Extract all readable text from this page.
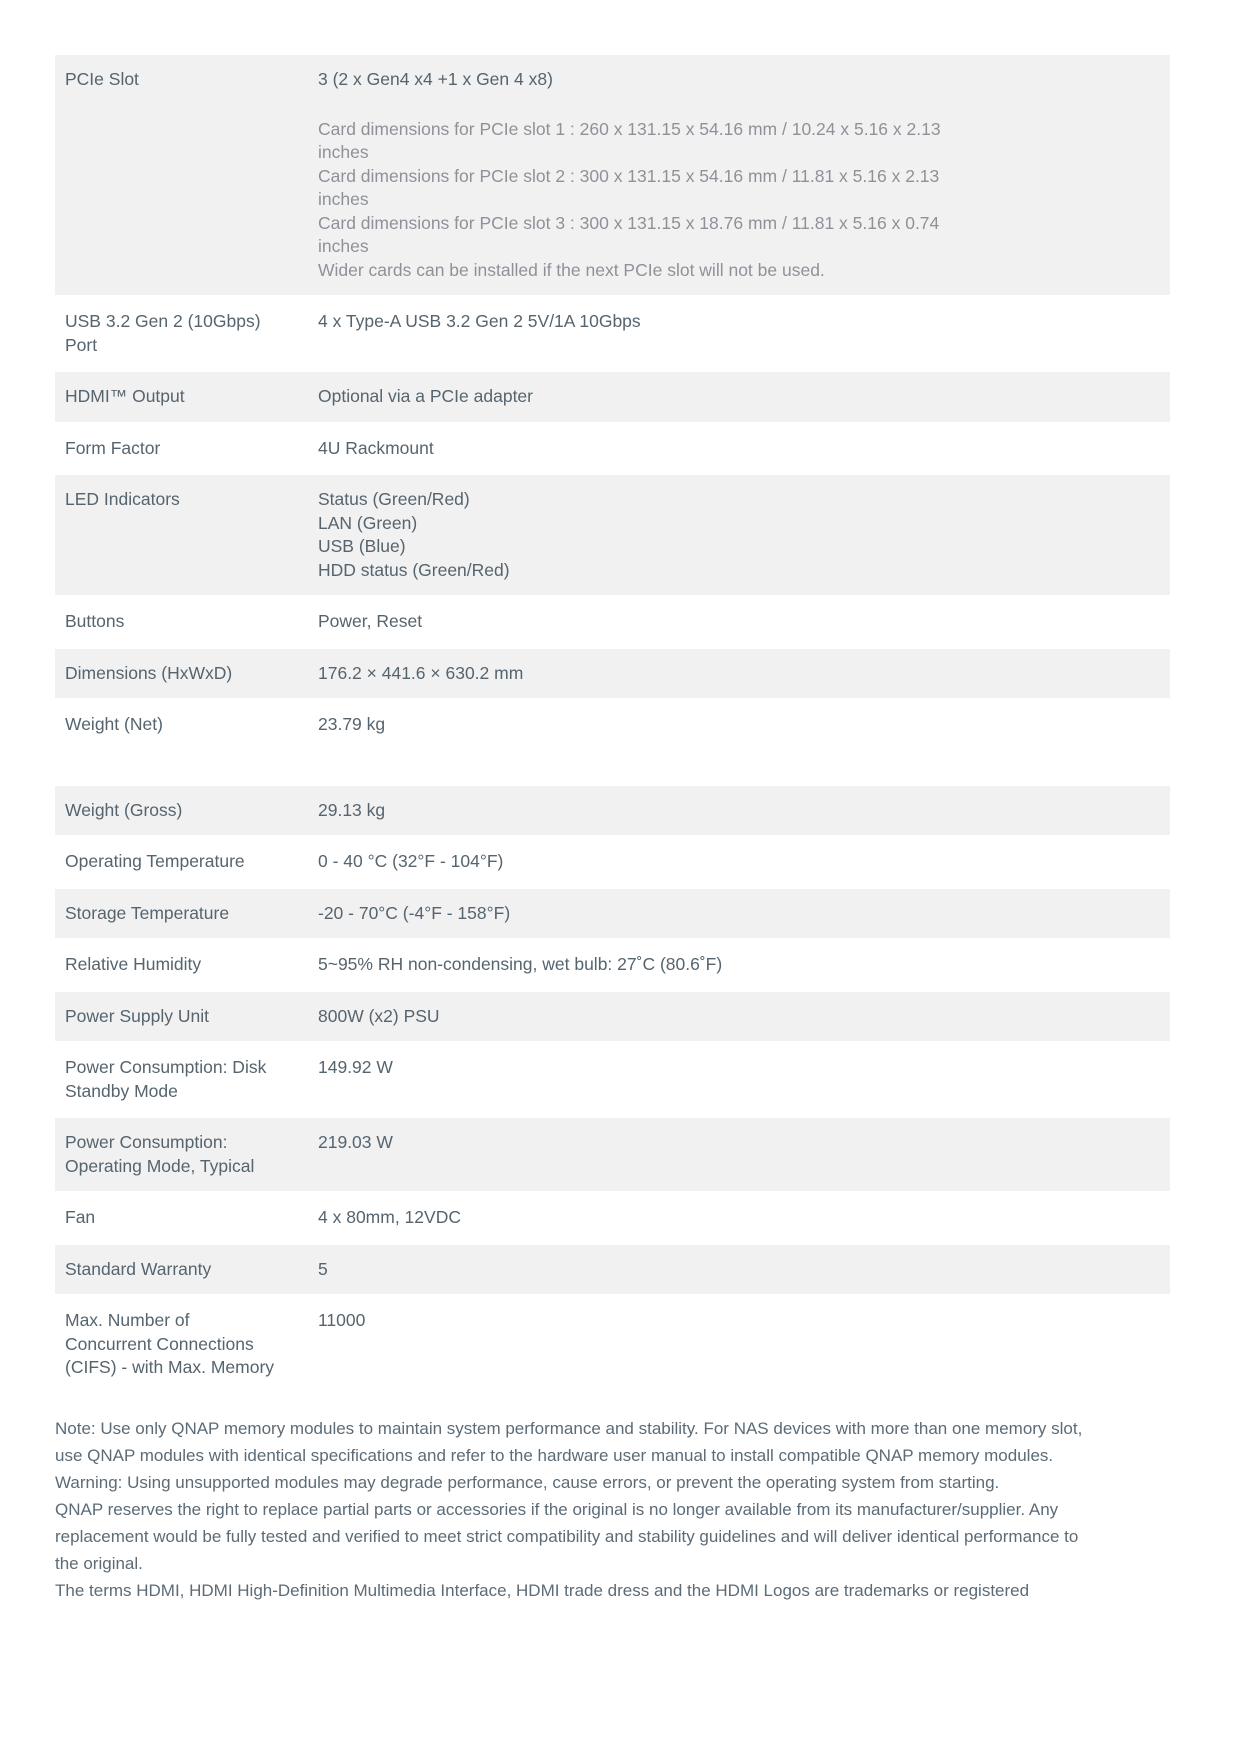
PCIe Slot	3 (2 x Gen4 x4 +1 x Gen 4 x8)
Card dimensions for PCIe slot 1 : 260 x 131.15 x 54.16 mm / 10.24 x 5.16 x 2.13
inches
Card dimensions for PCIe slot 2 : 300 x 131.15 x 54.16 mm / 11.81 x 5.16 x 2.13
inches
Card dimensions for PCIe slot 3 : 300 x 131.15 x 18.76 mm / 11.81 x 5.16 x 0.74
inches
Wider cards can be installed if the next PCIe slot will not be used.

USB 3.2 Gen 2 (10Gbps) Port	4 x Type-A USB 3.2 Gen 2 5V/1A 10Gbps

HDMI™ Output	Optional via a PCIe adapter

Form Factor	4U Rackmount

LED Indicators	Status (Green/Red)
LAN (Green)
USB (Blue)
HDD status (Green/Red)

Buttons	Power, Reset

Dimensions (HxWxD)	176.2 × 441.6 × 630.2 mm

Weight (Net)	23.79 kg

Weight (Gross)	29.13 kg

Operating Temperature	0 - 40 °C (32°F - 104°F)

Storage Temperature	-20 - 70°C (-4°F - 158°F)

Relative Humidity	5~95% RH non-condensing, wet bulb: 27˚C (80.6˚F)

Power Supply Unit	800W (x2) PSU

Power Consumption: Disk Standby Mode	149.92 W

Power Consumption: Operating Mode, Typical	219.03 W

Fan	4 x 80mm, 12VDC

Standard Warranty	5

Max. Number of Concurrent Connections (CIFS) - with Max. Memory	11000

Note: Use only QNAP memory modules to maintain system performance and stability. For NAS devices with more than one memory slot, use QNAP modules with identical specifications and refer to the hardware user manual to install compatible QNAP memory modules.

Warning: Using unsupported modules may degrade performance, cause errors, or prevent the operating system from starting.

QNAP reserves the right to replace partial parts or accessories if the original is no longer available from its manufacturer/supplier. Any replacement would be fully tested and verified to meet strict compatibility and stability guidelines and will deliver identical performance to the original.

The terms HDMI, HDMI High-Definition Multimedia Interface, HDMI trade dress and the HDMI Logos are trademarks or registered
